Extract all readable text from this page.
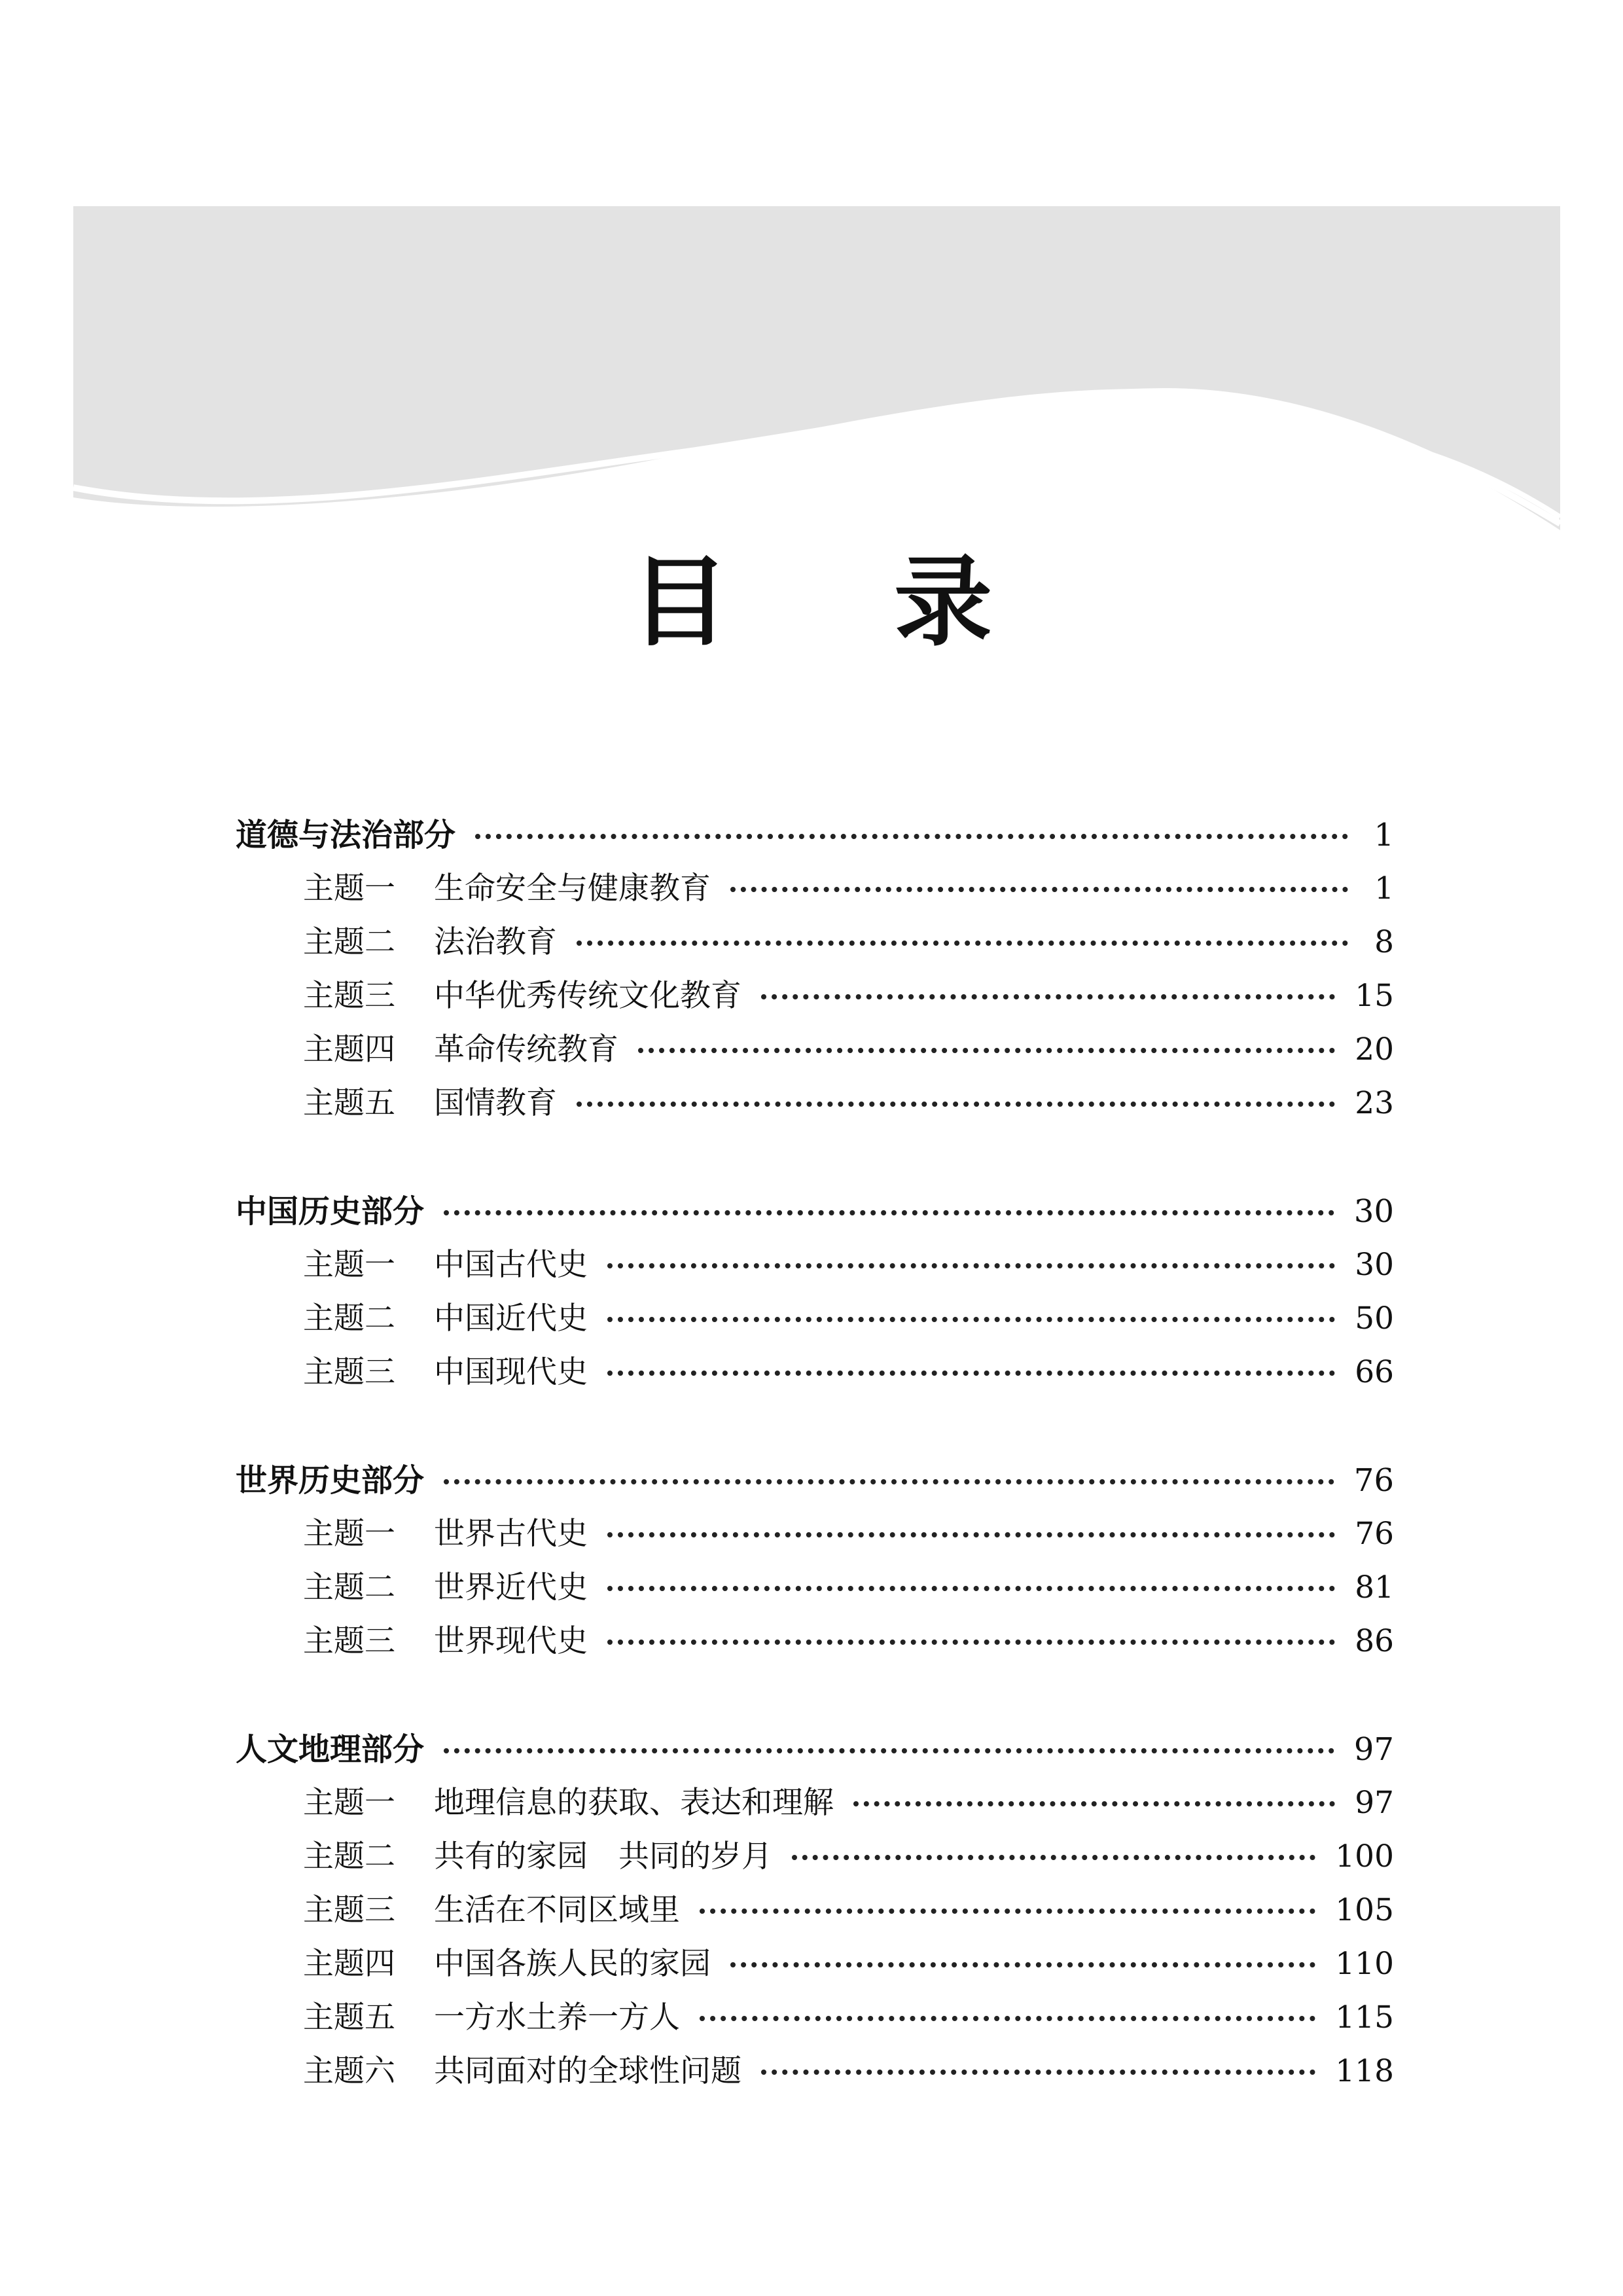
目 录
道德与法治部分	1
主题一	生命安全与健康教育	1
主题二	法治教育	8
主题三	中华优秀传统文化教育	15
主题四	革命传统教育	20
主题五	国情教育	23
中国历史部分	30
主题一	中国古代史	30
主题二	中国近代史	50
主题三	中国现代史	66
世界历史部分	76
主题一	世界古代史	76
主题二	世界近代史	81
主题三	世界现代史	86
人文地理部分	97
主题一	地理信息的获取、表达和理解	97
主题二	共有的家园　共同的岁月	100
主题三	生活在不同区域里	105
主题四	中国各族人民的家园	110
主题五	一方水土养一方人	115
主题六	共同面对的全球性问题	118
